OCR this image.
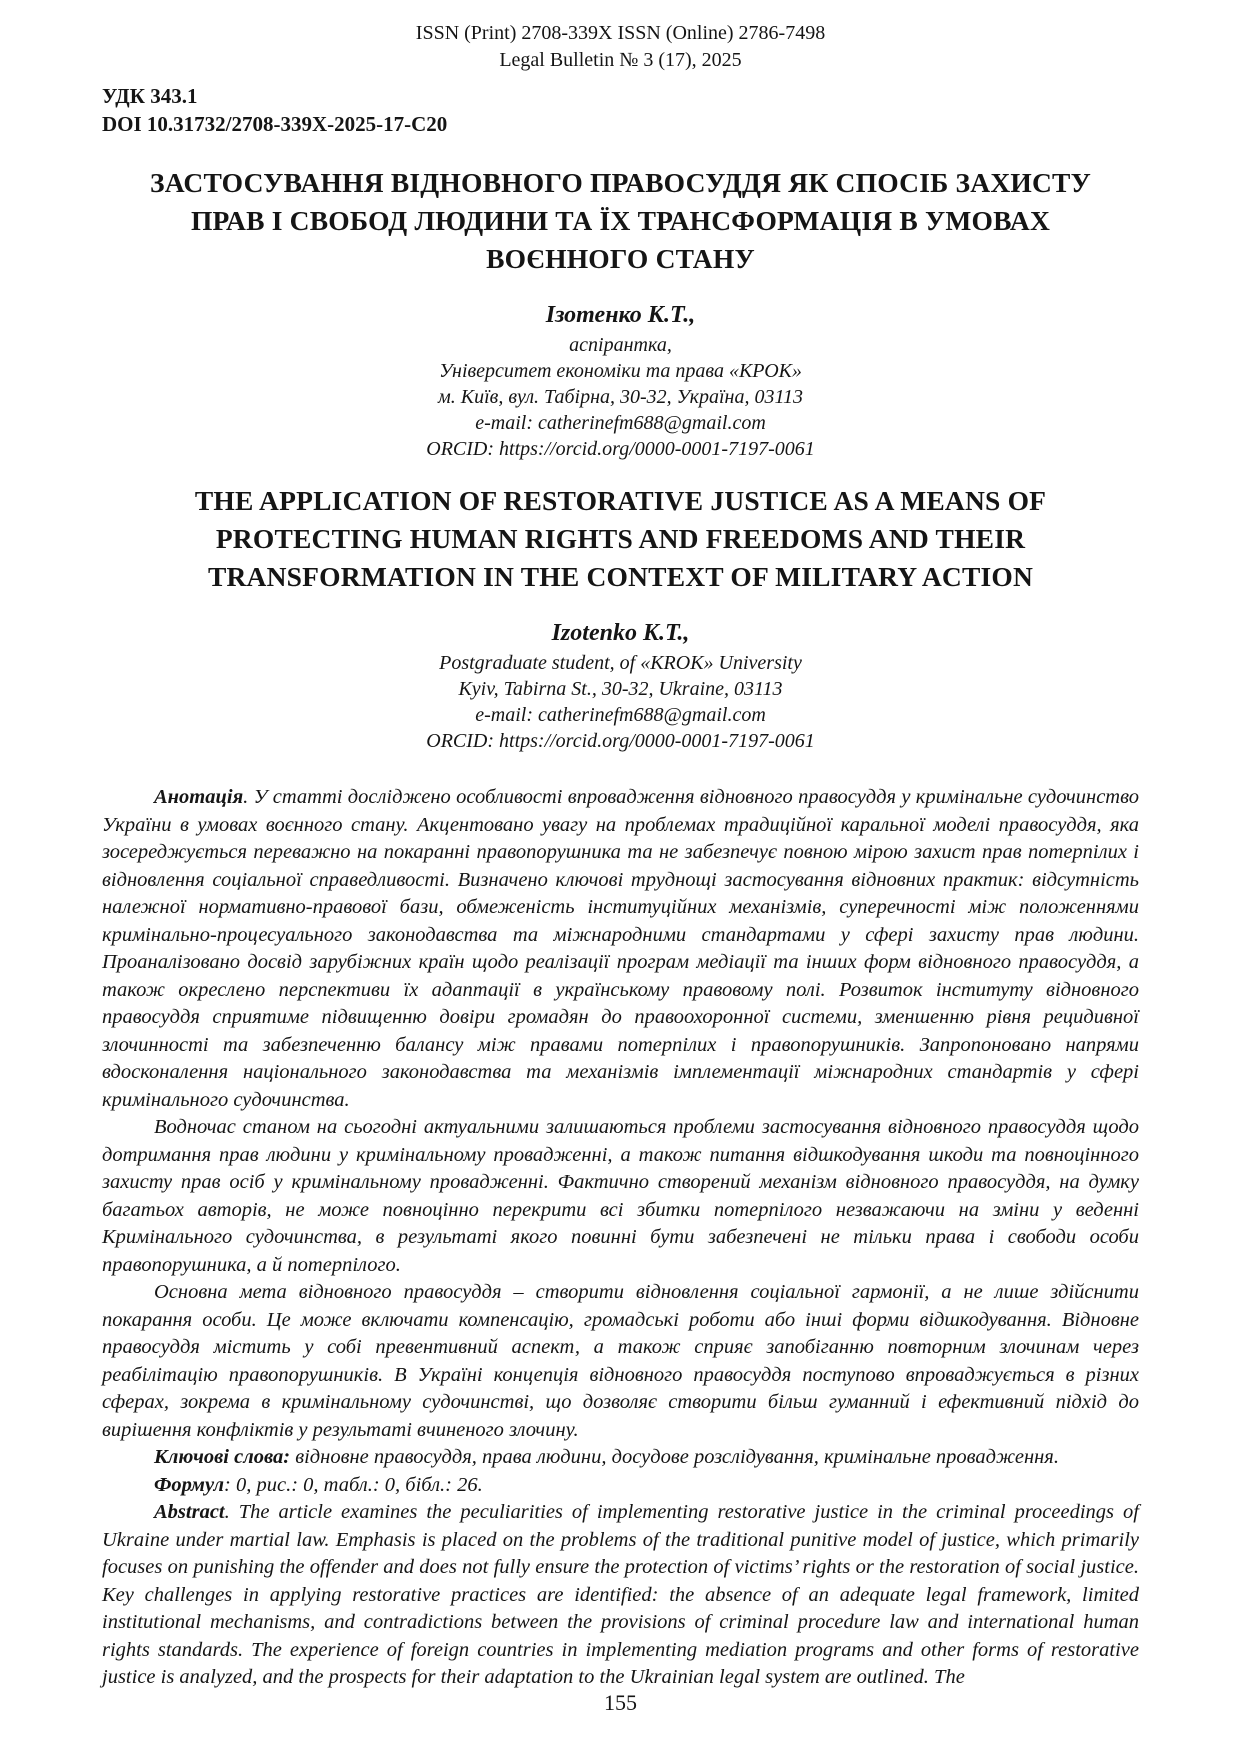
ISSN (Print) 2708-339X ISSN (Online) 2786-7498
Legal Bulletin № 3 (17), 2025
УДК 343.1
DOI 10.31732/2708-339X-2025-17-C20
ЗАСТОСУВАННЯ ВІДНОВНОГО ПРАВОСУДДЯ ЯК СПОСІБ ЗАХИСТУ ПРАВ І СВОБОД ЛЮДИНИ ТА ЇХ ТРАНСФОРМАЦІЯ В УМОВАХ ВОЄННОГО СТАНУ
Ізотенко К.Т.,
аспірантка,
Університет економіки та права «КРОК»
м. Київ, вул. Табірна, 30-32, Україна, 03113
e-mail: catherinefm688@gmail.com
ORCID: https://orcid.org/0000-0001-7197-0061
THE APPLICATION OF RESTORATIVE JUSTICE AS A MEANS OF PROTECTING HUMAN RIGHTS AND FREEDOMS AND THEIR TRANSFORMATION IN THE CONTEXT OF MILITARY ACTION
Izotenko K.T.,
Postgraduate student, of «KROK» University
Kyiv, Tabirna St., 30-32, Ukraine, 03113
e-mail: catherinefm688@gmail.com
ORCID: https://orcid.org/0000-0001-7197-0061

Анотація. У статті досліджено особливості впровадження відновного правосуддя у кримінальне судочинство України в умовах воєнного стану. Акцентовано увагу на проблемах традиційної каральної моделі правосуддя, яка зосереджується переважно на покаранні правопорушника та не забезпечує повною мірою захист прав потерпілих і відновлення соціальної справедливості. Визначено ключові труднощі застосування відновних практик: відсутність належної нормативно-правової бази, обмеженість інституційних механізмів, суперечності між положеннями кримінально-процесуального законодавства та міжнародними стандартами у сфері захисту прав людини. Проаналізовано досвід зарубіжних країн щодо реалізації програм медіації та інших форм відновного правосуддя, а також окреслено перспективи їх адаптації в українському правовому полі. Розвиток інституту відновного правосуддя сприятиме підвищенню довіри громадян до правоохоронної системи, зменшенню рівня рецидивної злочинності та забезпеченню балансу між правами потерпілих і правопорушників. Запропоновано напрями вдосконалення національного законодавства та механізмів імплементації міжнародних стандартів у сфері кримінального судочинства.

Водночас станом на сьогодні актуальними залишаються проблеми застосування відновного правосуддя щодо дотримання прав людини у кримінальному провадженні, а також питання відшкодування шкоди та повноцінного захисту прав осіб у кримінальному провадженні. Фактично створений механізм відновного правосуддя, на думку багатьох авторів, не може повноцінно перекрити всі збитки потерпілого незважаючи на зміни у веденні Кримінального судочинства, в результаті якого повинні бути забезпечені не тільки права і свободи особи правопорушника, а й потерпілого.

Основна мета відновного правосуддя – створити відновлення соціальної гармонії, а не лише здійснити покарання особи. Це може включати компенсацію, громадські роботи або інші форми відшкодування. Відновне правосуддя містить у собі превентивний аспект, а також сприяє запобіганню повторним злочинам через реабілітацію правопорушників. В Україні концепція відновного правосуддя поступово впроваджується в різних сферах, зокрема в кримінальному судочинстві, що дозволяє створити більш гуманний і ефективний підхід до вирішення конфліктів у результаті вчиненого злочину.

Ключові слова: відновне правосуддя, права людини, досудове розслідування, кримінальне провадження.

Формул: 0, рис.: 0, табл.: 0, бібл.: 26.

Abstract. The article examines the peculiarities of implementing restorative justice in the criminal proceedings of Ukraine under martial law. Emphasis is placed on the problems of the traditional punitive model of justice, which primarily focuses on punishing the offender and does not fully ensure the protection of victims’ rights or the restoration of social justice. Key challenges in applying restorative practices are identified: the absence of an adequate legal framework, limited institutional mechanisms, and contradictions between the provisions of criminal procedure law and international human rights standards. The experience of foreign countries in implementing mediation programs and other forms of restorative justice is analyzed, and the prospects for their adaptation to the Ukrainian legal system are outlined. The

155
